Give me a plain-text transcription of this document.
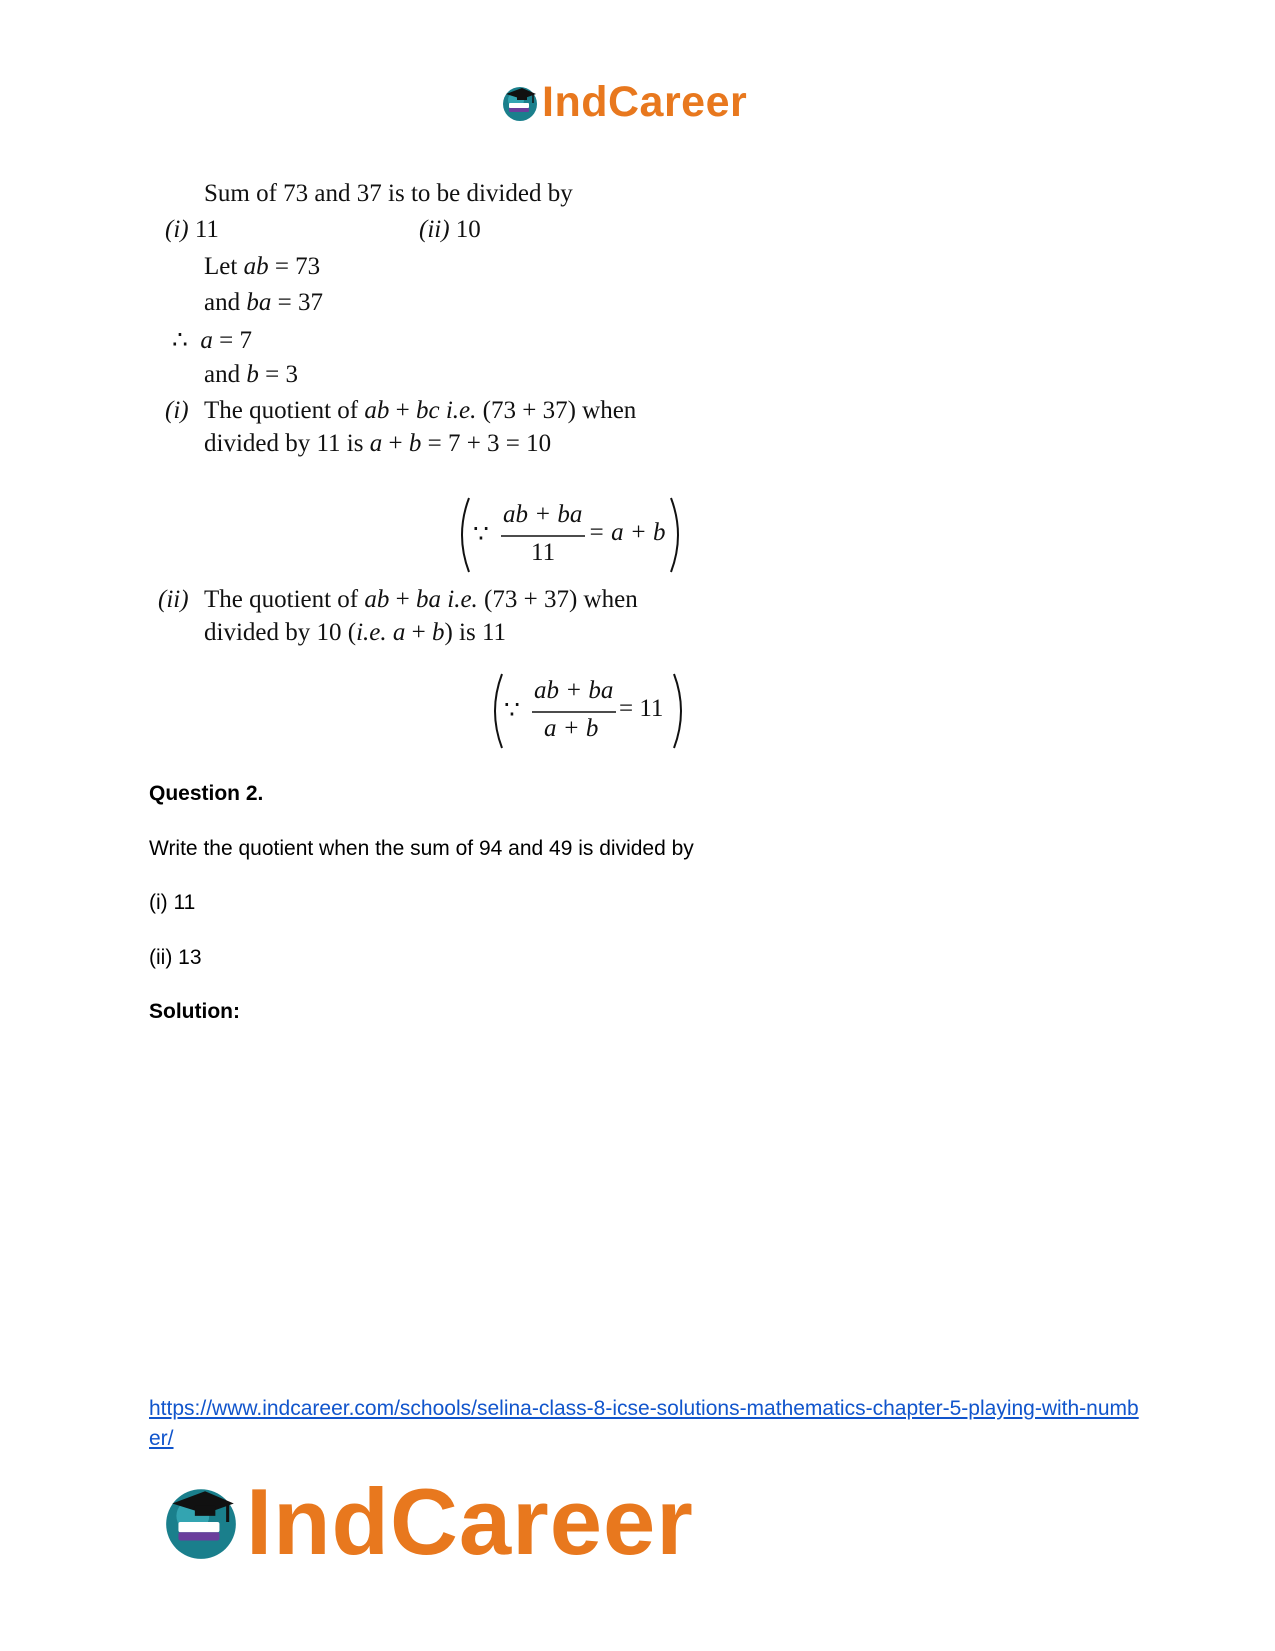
IndCareer
Sum of 73 and 37 is to be divided by
(i) 11	(ii) 10
Let ab = 73
and ba = 37
∴ a = 7
and b = 3
(i) The quotient of ab + bc i.e. (73 + 37) when
divided by 11 is a + b = 7 + 3 = 10
∵
ab + ba
11
= a + b
(ii) The quotient of ab + ba i.e. (73 + 37) when
divided by 10 (i.e. a + b) is 11
∵
ab + ba
a + b
= 11
Question 2.
Write the quotient when the sum of 94 and 49 is divided by
(i) 11
(ii) 13
Solution:
https://www.indcareer.com/schools/selina-class-8-icse-solutions-mathematics-chapter-5-playing-with-number/
IndCareer
